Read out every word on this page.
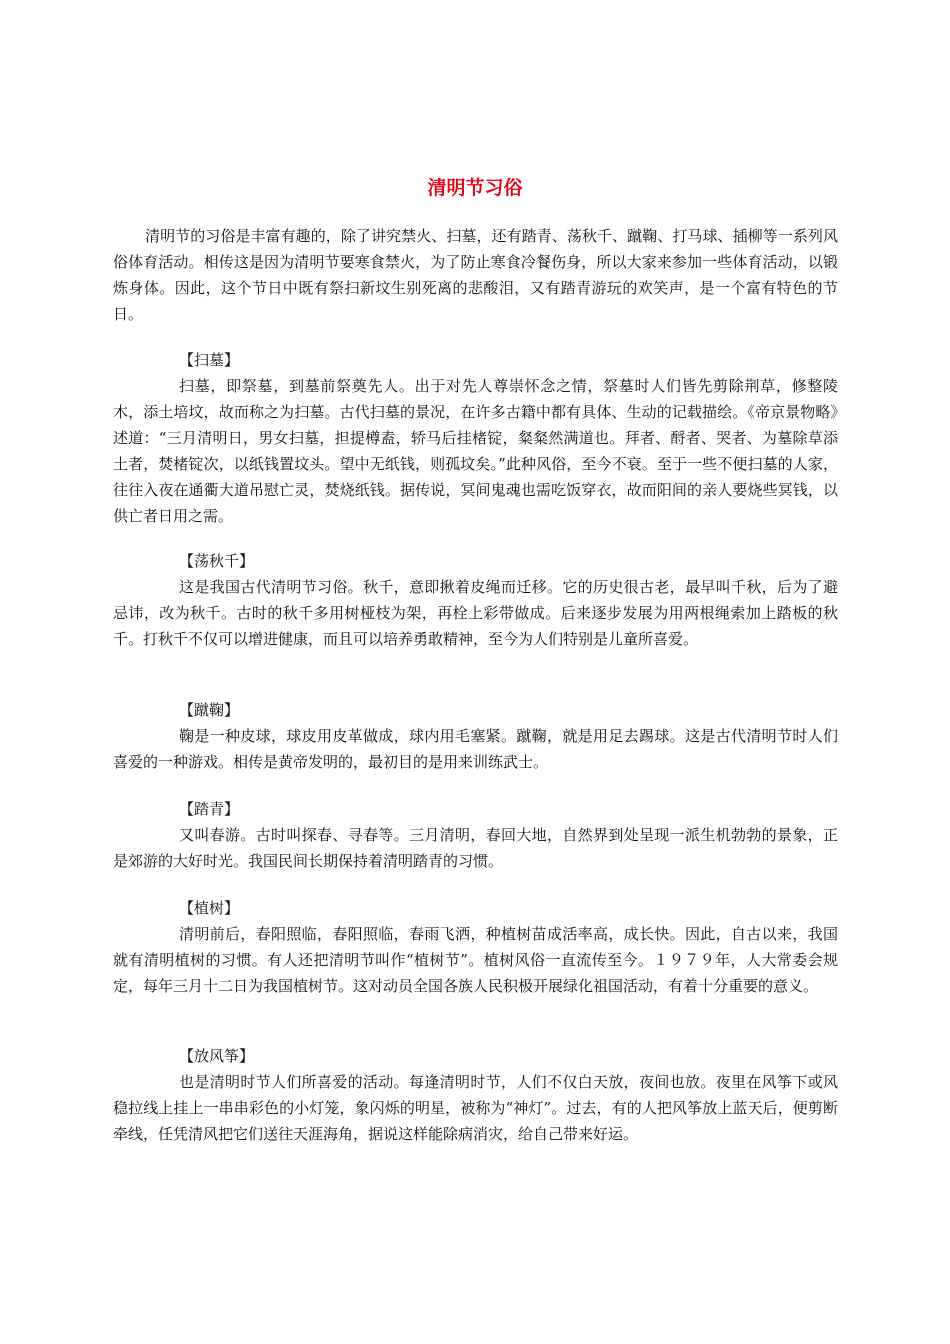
清明节习俗

清明节的习俗是丰富有趣的，除了讲究禁火、扫墓，还有踏青、荡秋千、蹴鞠、打马球、插柳等一系列风俗体育活动。相传这是因为清明节要寒食禁火，为了防止寒食冷餐伤身，所以大家来参加一些体育活动，以锻炼身体。因此，这个节日中既有祭扫新坟生别死离的悲酸泪，又有踏青游玩的欢笑声，是一个富有特色的节日。

【扫墓】

扫墓，即祭墓，到墓前祭奠先人。出于对先人尊崇怀念之情，祭墓时人们皆先剪除荆草，修整陵木，添土培坟，故而称之为扫墓。古代扫墓的景况，在许多古籍中都有具体、生动的记载描绘。《帝京景物略》述道：“三月清明日，男女扫墓，担提樽盍，轿马后挂楮锭，粲粲然满道也。拜者、酹者、哭者、为墓除草添土者，焚楮锭次，以纸钱置坟头。望中无纸钱，则孤坟矣。”此种风俗，至今不衰。至于一些不便扫墓的人家，往往入夜在通衢大道吊慰亡灵，焚烧纸钱。据传说，冥间鬼魂也需吃饭穿衣，故而阳间的亲人要烧些冥钱，以供亡者日用之需。

【荡秋千】

这是我国古代清明节习俗。秋千，意即揪着皮绳而迁移。它的历史很古老，最早叫千秋，后为了避忌讳，改为秋千。古时的秋千多用树桠枝为架，再栓上彩带做成。后来逐步发展为用两根绳索加上踏板的秋千。打秋千不仅可以增进健康，而且可以培养勇敢精神，至今为人们特别是儿童所喜爱。

【蹴鞠】

鞠是一种皮球，球皮用皮革做成，球内用毛塞紧。蹴鞠，就是用足去踢球。这是古代清明节时人们喜爱的一种游戏。相传是黄帝发明的，最初目的是用来训练武士。

【踏青】

又叫春游。古时叫探春、寻春等。三月清明，春回大地，自然界到处呈现一派生机勃勃的景象，正是郊游的大好时光。我国民间长期保持着清明踏青的习惯。

【植树】

清明前后，春阳照临，春阳照临，春雨飞洒，种植树苗成活率高，成长快。因此，自古以来，我国就有清明植树的习惯。有人还把清明节叫作“植树节”。植树风俗一直流传至今。１９７９年，人大常委会规定，每年三月十二日为我国植树节。这对动员全国各族人民积极开展绿化祖国活动，有着十分重要的意义。

【放风筝】

也是清明时节人们所喜爱的活动。每逢清明时节，人们不仅白天放，夜间也放。夜里在风筝下或风稳拉线上挂上一串串彩色的小灯笼，象闪烁的明星，被称为“神灯”。过去，有的人把风筝放上蓝天后，便剪断牵线，任凭清风把它们送往天涯海角，据说这样能除病消灾，给自己带来好运。
